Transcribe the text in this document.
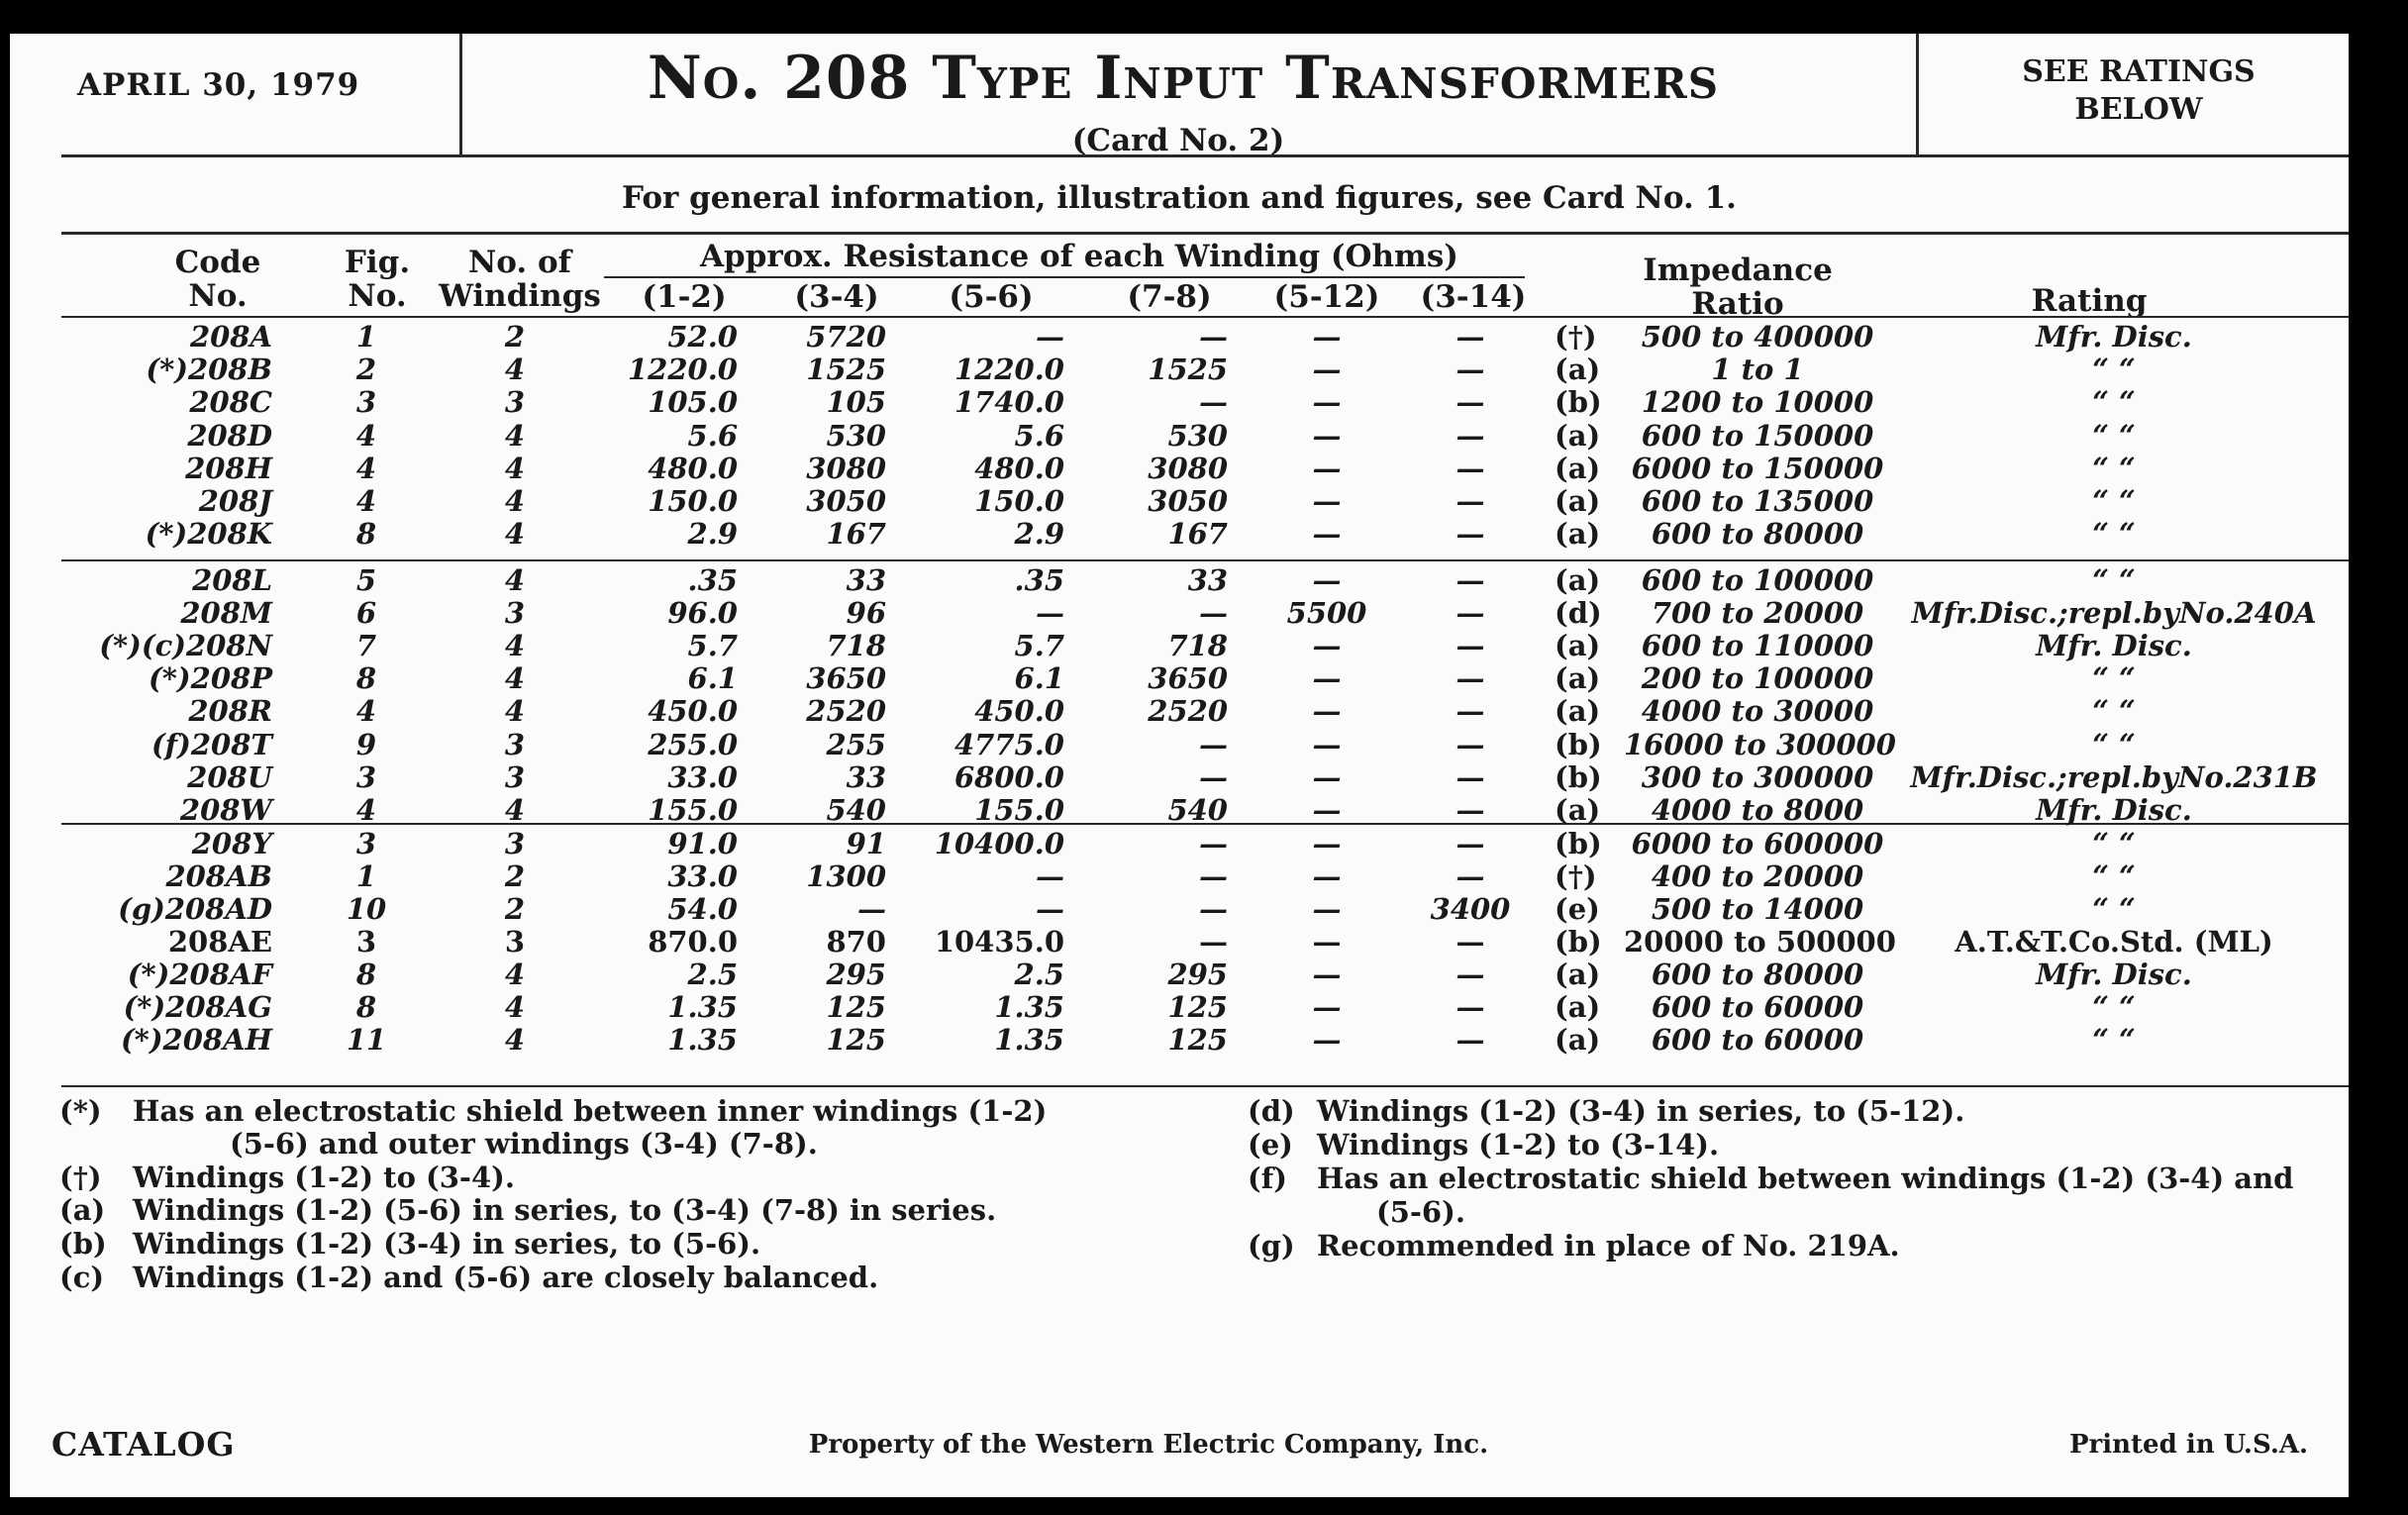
APRIL 30, 1979	No. 208 Type Input Transformers
(Card No. 2)
SEE RATINGS
BELOW
For general information, illustration and figures, see Card No. 1.
Code
No.
Fig.
No.
No. of
Windings
Approx. Resistance of each Winding (Ohms)
(1-2)	(3-4)	(5-6)	(7-8)	(5-12)	(3-14)
Impedance
Ratio	Rating
208A	1	2	52.0	5720	—	—	—	—	(†)	500 to 400000	Mfr. Disc.
(*)208B	2	4	1220.0	1525	1220.0	1525	—	—	(a)	1 to 1	“ “
208C	3	3	105.0	105	1740.0	—	—	—	(b)	1200 to 10000	“ “
208D	4	4	5.6	530	5.6	530	—	—	(a)	600 to 150000	“ “
208H	4	4	480.0	3080	480.0	3080	—	—	(a)	6000 to 150000	“ “
208J	4	4	150.0	3050	150.0	3050	—	—	(a)	600 to 135000	“ “
(*)208K	8	4	2.9	167	2.9	167	—	—	(a)	600 to 80000	“ “
208L	5	4	.35	33	.35	33	—	—	(a)	600 to 100000	“ “
208M	6	3	96.0	96	—	—	5500	—	(d)	700 to 20000	Mfr.Disc.;repl.byNo.240A
(*)(c)208N	7	4	5.7	718	5.7	718	—	—	(a)	600 to 110000	Mfr. Disc.
(*)208P	8	4	6.1	3650	6.1	3650	—	—	(a)	200 to 100000	“ “
208R	4	4	450.0	2520	450.0	2520	—	—	(a)	4000 to 30000	“ “
(f)208T	9	3	255.0	255	4775.0	—	—	—	(b) 16000 to 300000	“ “
208U	3	3	33.0	33	6800.0	—	—	—	(b)	300 to 300000	Mfr.Disc.;repl.byNo.231B
208W	4	4	155.0	540	155.0	540	—	—	(a)	4000 to 8000	Mfr. Disc.
208Y	3	3	91.0	91	10400.0	—	—	—	(b)	6000 to 600000	“ “
208AB	1	2	33.0	1300	—	—	—	—	(†)	400 to 20000	“ “
(g)208AD	10	2	54.0	—	—	—	—	3400	(e)	500 to 14000	“ “
208AE	3	3	870.0	870	10435.0	—	—	—	(b) 20000 to 500000	A.T.&T.Co.Std. (ML)
(*)208AF	8	4	2.5	295	2.5	295	—	—	(a)	600 to 80000	Mfr. Disc.
(*)208AG	8	4	1.35	125	1.35	125	—	—	(a)	600 to 60000	“ “
(*)208AH	11	4	1.35	125	1.35	125	—	—	(a)	600 to 60000	“ “
(*) Has an electrostatic shield between inner windings (1-2)
(5-6) and outer windings (3-4) (7-8).
(†) Windings (1-2) to (3-4).
(a) Windings (1-2) (5-6) in series, to (3-4) (7-8) in series.
(b) Windings (1-2) (3-4) in series, to (5-6).
(c) Windings (1-2) and (5-6) are closely balanced.
(d) Windings (1-2) (3-4) in series, to (5-12).
(e) Windings (1-2) to (3-14).
(f) Has an electrostatic shield between windings (1-2) (3-4) and
(5-6).
(g) Recommended in place of No. 219A.
CATALOG	Property of the Western Electric Company, Inc.	Printed in U.S.A.
